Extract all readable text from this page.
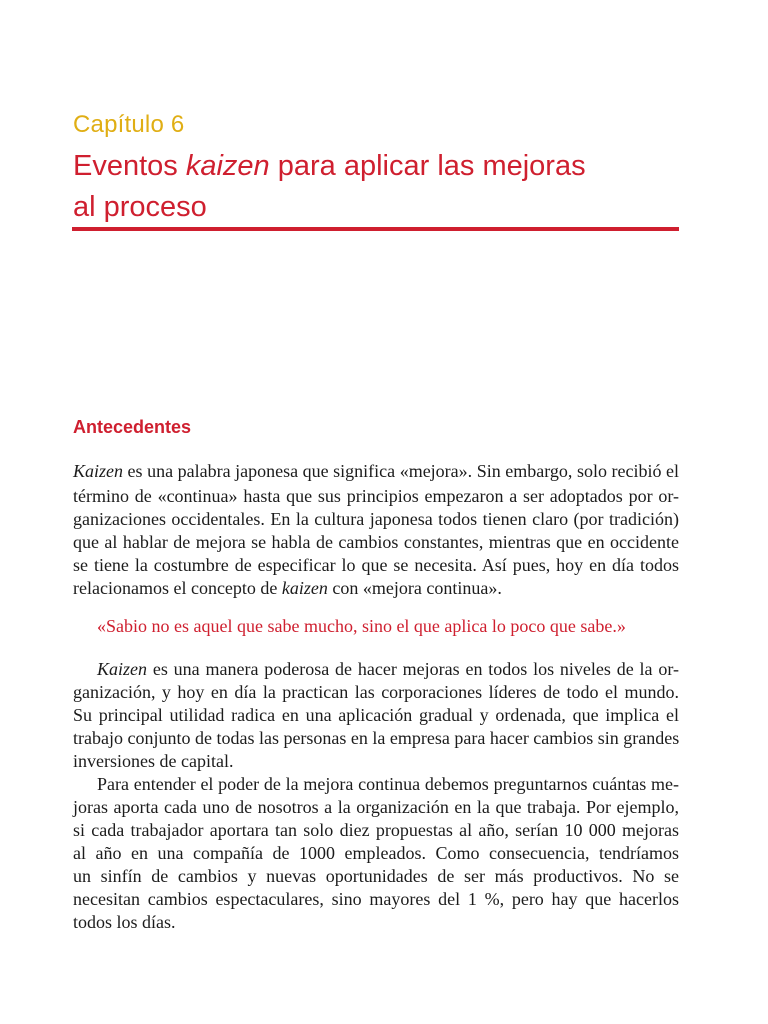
Capítulo 6
Eventos kaizen para aplicar las mejoras
al proceso
Antecedentes
Kaizen es una palabra japonesa que significa «mejora». Sin embargo, solo recibió el
término de «continua» hasta que sus principios empezaron a ser adoptados por or-
ganizaciones occidentales. En la cultura japonesa todos tienen claro (por tradición)
que al hablar de mejora se habla de cambios constantes, mientras que en occidente
se tiene la costumbre de especificar lo que se necesita. Así pues, hoy en día todos
relacionamos el concepto de kaizen con «mejora continua».
«Sabio no es aquel que sabe mucho, sino el que aplica lo poco que sabe.»
Kaizen es una manera poderosa de hacer mejoras en todos los niveles de la or-
ganización, y hoy en día la practican las corporaciones líderes de todo el mundo.
Su principal utilidad radica en una aplicación gradual y ordenada, que implica el
trabajo conjunto de todas las personas en la empresa para hacer cambios sin grandes
inversiones de capital.
Para entender el poder de la mejora continua debemos preguntarnos cuántas me-
joras aporta cada uno de nosotros a la organización en la que trabaja. Por ejemplo,
si cada trabajador aportara tan solo diez propuestas al año, serían 10 000 mejoras
al año en una compañía de 1000 empleados. Como consecuencia, tendríamos
un sinfín de cambios y nuevas oportunidades de ser más productivos. No se
necesitan cambios espectaculares, sino mayores del 1 %, pero hay que hacerlos
todos los días.
